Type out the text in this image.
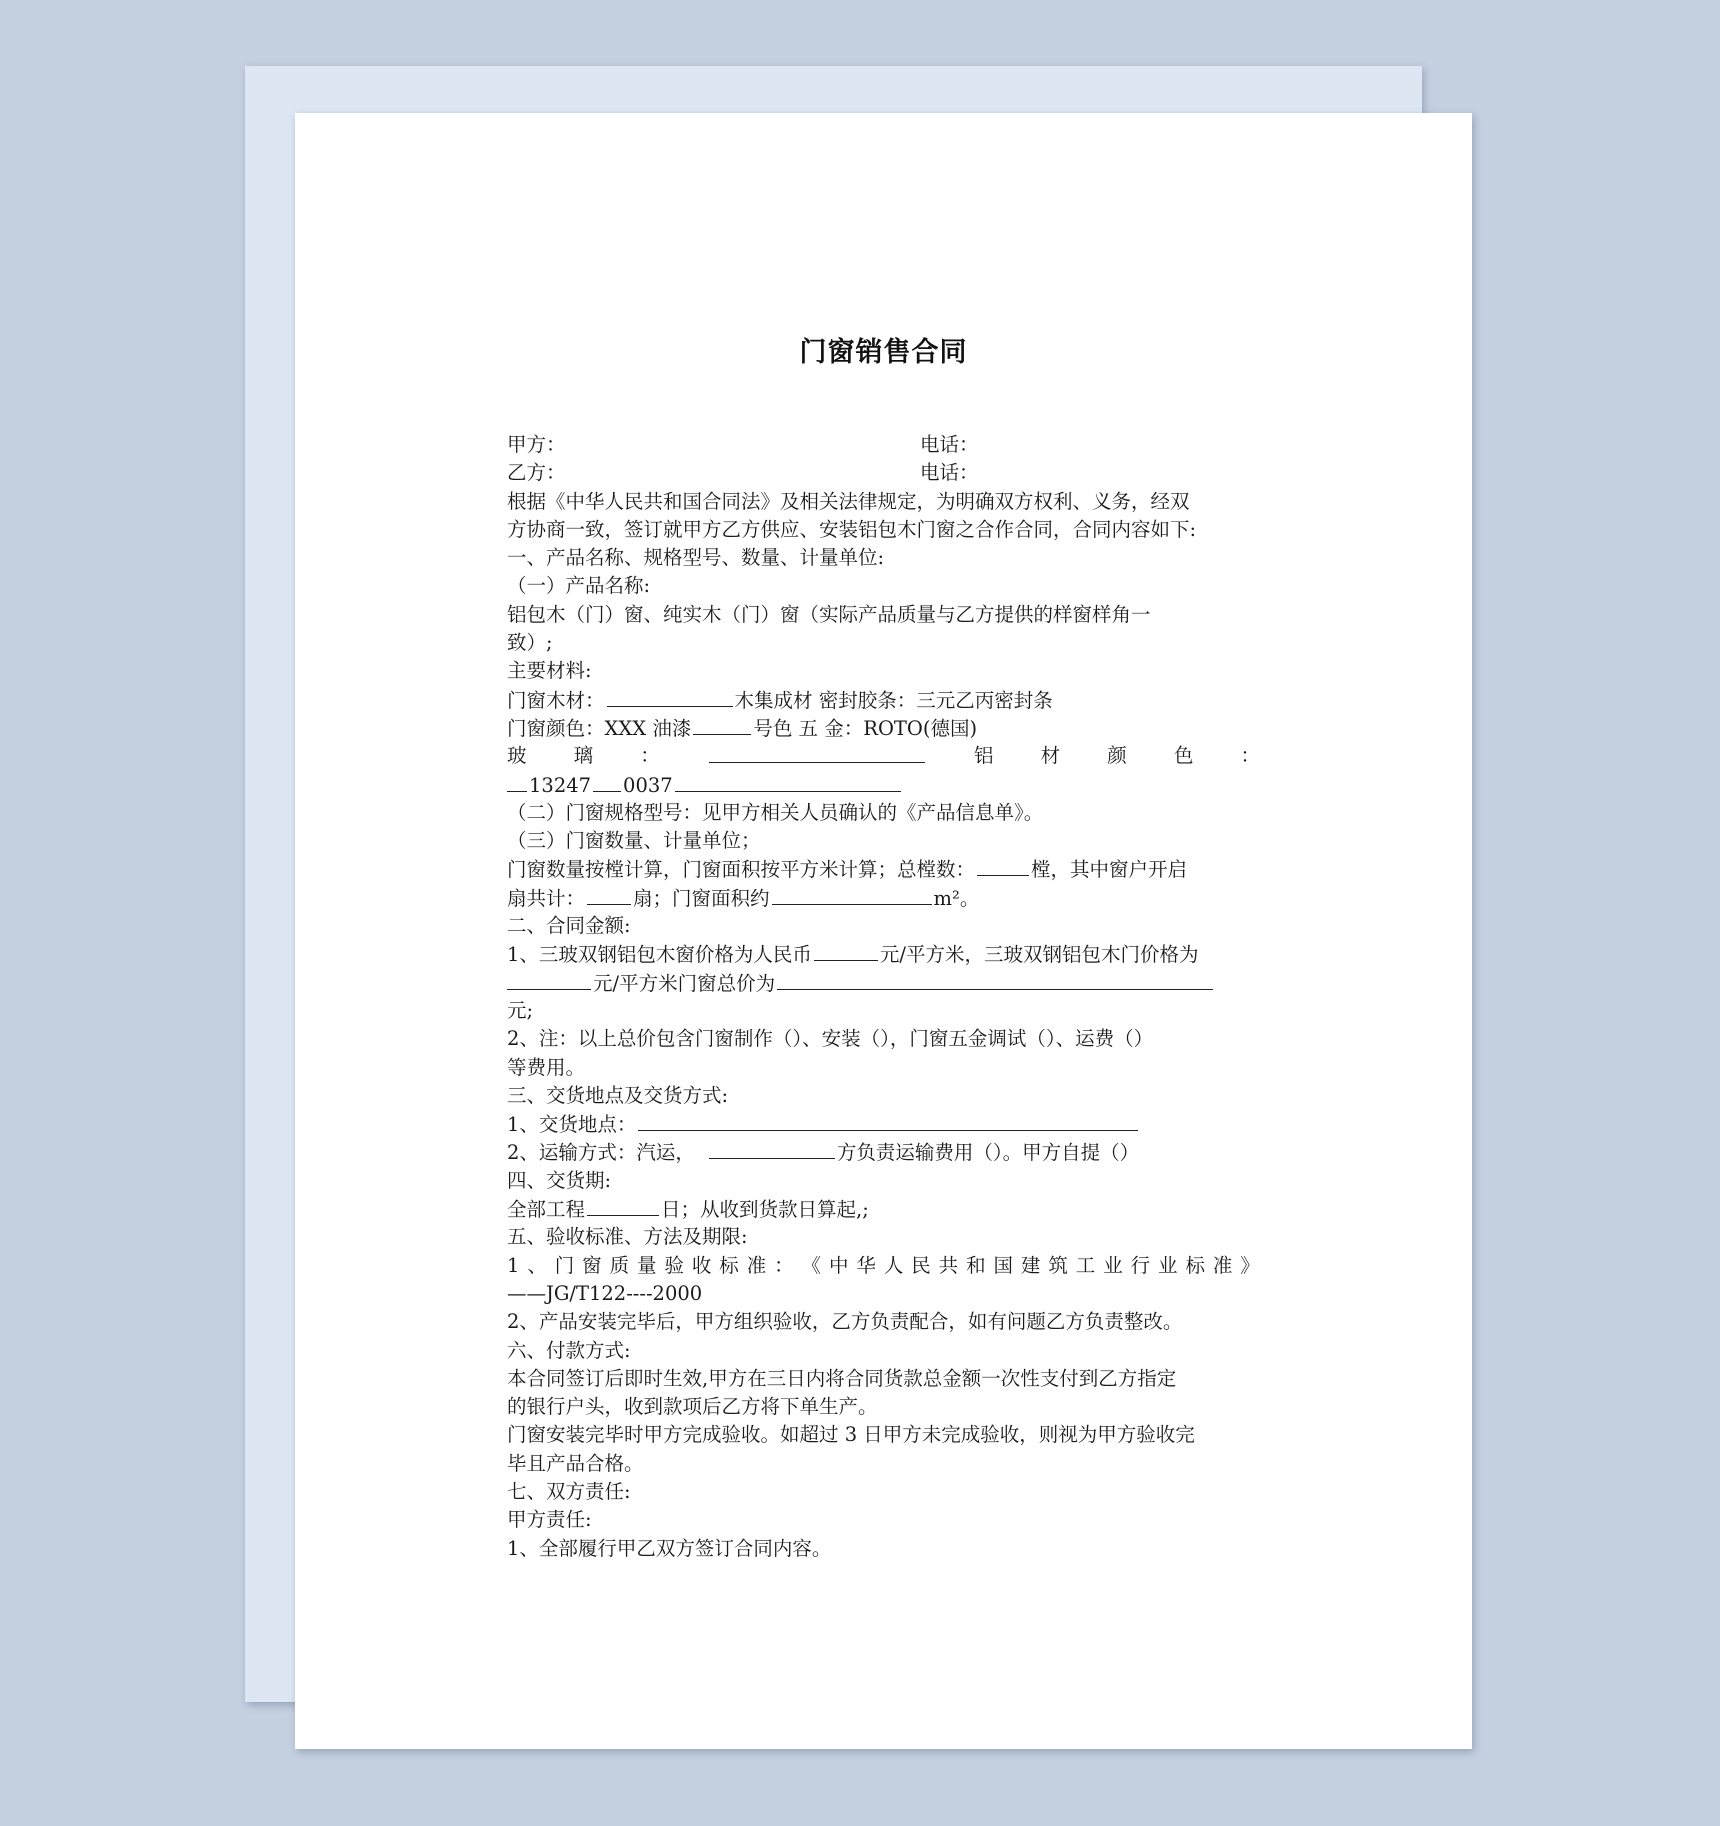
门窗销售合同
甲方：	电话：
乙方：	电话：
根据《中华人民共和国合同法》及相关法律规定，为明确双方权利、义务，经双
方协商一致，签订就甲方乙方供应、安装铝包木门窗之合作合同，合同内容如下:
一、产品名称、规格型号、数量、计量单位:
（一）产品名称:
铝包木（门）窗、纯实木（门）窗（实际产品质量与乙方提供的样窗样角一
致）;
主要材料:
门窗木材：	木集成材 密封胶条：三元乙丙密封条
门窗颜色：XXX 油漆	号色 五 金：ROTO(德国)
玻 璃 ：	铝 材 颜 色 ：
13247 0037
（二）门窗规格型号：见甲方相关人员确认的《产品信息单》。
（三）门窗数量、计量单位；
门窗数量按樘计算，门窗面积按平方米计算；总樘数：	樘，其中窗户开启
扇共计： 扇；门窗面积约	m²。
二、合同金额:
1、三玻双钢铝包木窗价格为人民币	元/平方米，三玻双钢铝包木门价格为
元/平方米门窗总价为
元;
2、注：以上总价包含门窗制作（）、安装（），门窗五金调试（）、运费（）
等费用。
三、交货地点及交货方式:
1、交货地点：
2、运输方式：汽运，	方负责运输费用（）。甲方自提（）
四、交货期:
全部工程	日；从收到货款日算起,;
五、验收标准、方法及期限:
1 、 门 窗 质 量 验 收 标 准 ： 《 中 华 人 民 共 和 国 建 筑 工 业 行 业 标 准 》
——JG/T122----2000
2、产品安装完毕后，甲方组织验收，乙方负责配合，如有问题乙方负责整改。
六、付款方式:
本合同签订后即时生效,甲方在三日内将合同货款总金额一次性支付到乙方指定
的银行户头，收到款项后乙方将下单生产。
门窗安装完毕时甲方完成验收。如超过 3 日甲方未完成验收，则视为甲方验收完
毕且产品合格。
七、双方责任:
甲方责任:
1、全部履行甲乙双方签订合同内容。
